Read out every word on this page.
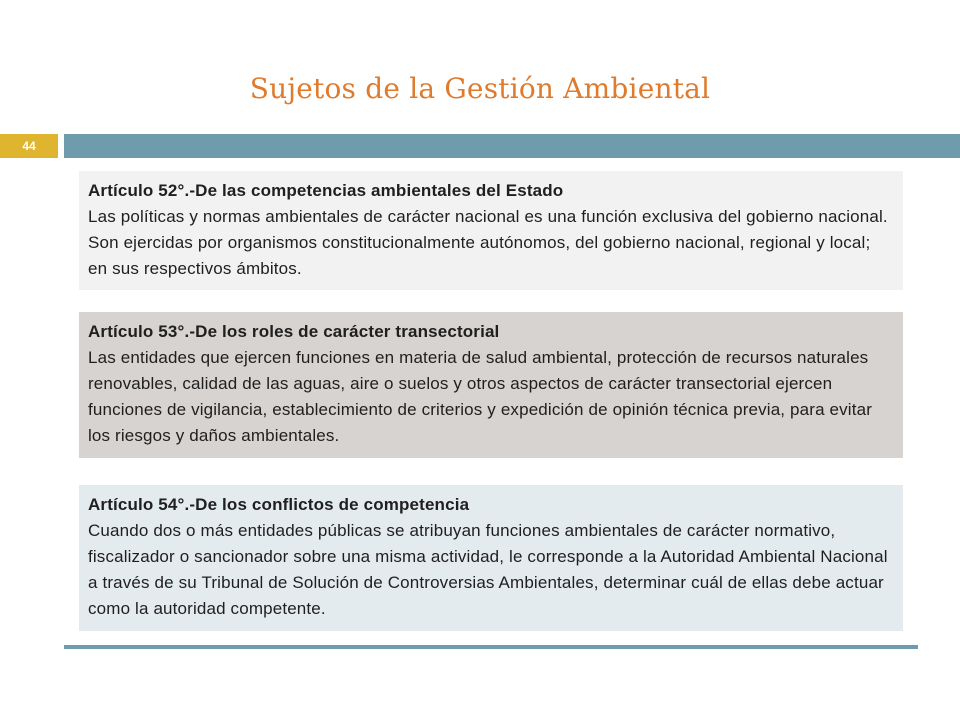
Sujetos de la Gestión Ambiental
44
Artículo 52°.-De las competencias ambientales del Estado
Las políticas y normas ambientales de carácter nacional es una función exclusiva del gobierno nacional. Son ejercidas por organismos constitucionalmente autónomos, del gobierno nacional, regional y local; en sus respectivos ámbitos.
Artículo 53°.-De los roles de carácter transectorial
Las entidades que ejercen funciones en materia de salud ambiental, protección de recursos naturales renovables, calidad de las aguas, aire o suelos y otros aspectos de carácter transectorial ejercen funciones de vigilancia, establecimiento de criterios y expedición de opinión técnica previa, para evitar los riesgos y daños ambientales.
Artículo 54°.-De los conflictos de competencia
Cuando dos o más entidades públicas se atribuyan funciones ambientales de carácter normativo, fiscalizador o sancionador sobre una misma actividad, le corresponde a la Autoridad Ambiental Nacional a través de su Tribunal de Solución de Controversias Ambientales, determinar cuál de ellas debe actuar como la autoridad competente.
